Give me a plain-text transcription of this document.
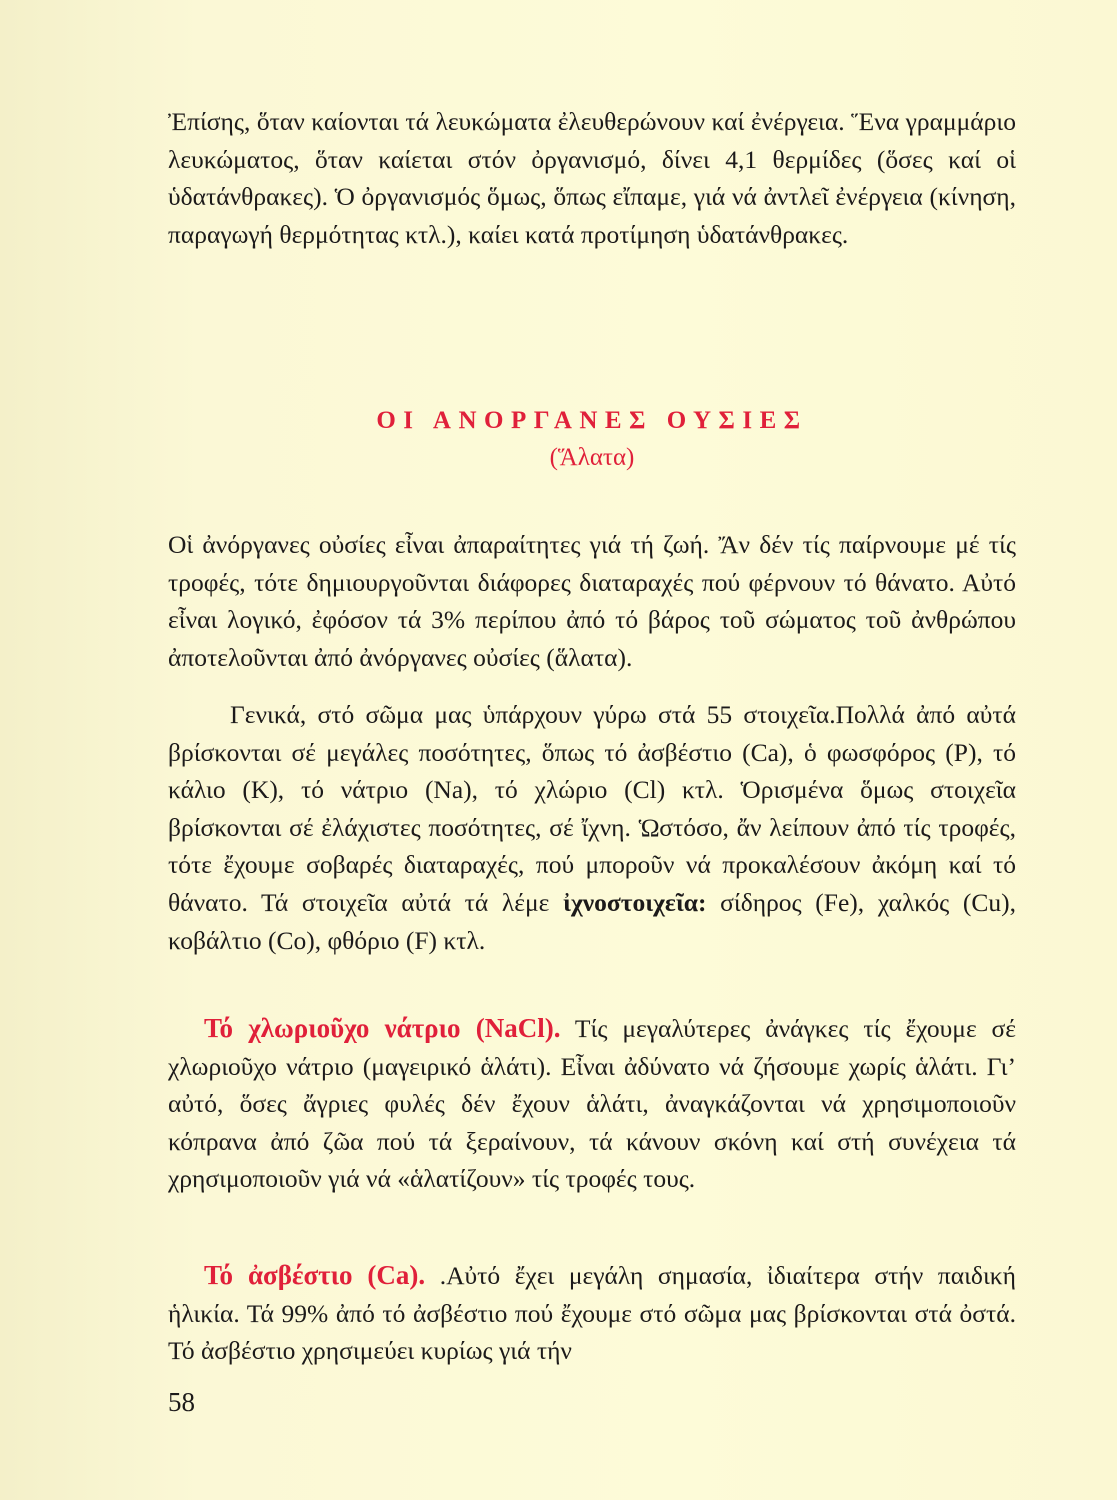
Ἐπίσης, ὅταν καίονται τά λευκώματα ἐλευθερώνουν καί ἐνέργεια. Ἕνα γραμμάριο λευκώματος, ὅταν καίεται στόν ὀργανισμό, δίνει 4,1 θερμίδες (ὅσες καί οἱ ὑδατάνθρακες). Ὁ ὀργανισμός ὅμως, ὅπως εἴπαμε, γιά νά ἀντλεῖ ἐνέργεια (κίνηση, παραγωγή θερμότητας κτλ.), καίει κατά προτίμηση ὑδατάνθρακες.

ΟΙ ΑΝΟΡΓΑΝΕΣ ΟΥΣΙΕΣ
(Ἅλατα)

Οἱ ἀνόργανες οὐσίες εἶναι ἀπαραίτητες γιά τή ζωή. Ἄν δέν τίς παίρνουμε μέ τίς τροφές, τότε δημιουργοῦνται διάφορες διαταραχές πού φέρνουν τό θάνατο. Αὐτό εἶναι λογικό, ἐφόσον τά 3% περίπου ἀπό τό βάρος τοῦ σώματος τοῦ ἀνθρώπου ἀποτελοῦνται ἀπό ἀνόργανες οὐσίες (ἅλατα).

Γενικά, στό σῶμα μας ὑπάρχουν γύρω στά 55 στοιχεῖα.Πολλά ἀπό αὐτά βρίσκονται σέ μεγάλες ποσότητες, ὅπως τό ἀσβέστιο (Ca), ὁ φωσφόρος (P), τό κάλιο (K), τό νάτριο (Na), τό χλώριο (Cl) κτλ. Ὁρισμένα ὅμως στοιχεῖα βρίσκονται σέ ἐλάχιστες ποσότητες, σέ ἴχνη. Ὡστόσο, ἄν λείπουν ἀπό τίς τροφές, τότε ἔχουμε σοβαρές διαταραχές, πού μποροῦν νά προκαλέσουν ἀκόμη καί τό θάνατο. Τά στοιχεῖα αὐτά τά λέμε ἰχνοστοιχεῖα: σίδηρος (Fe), χαλκός (Cu), κοβάλτιο (Co), φθόριο (F) κτλ.

Τό χλωριοῦχο νάτριο (NaCl). Τίς μεγαλύτερες ἀνάγκες τίς ἔχουμε σέ χλωριοῦχο νάτριο (μαγειρικό ἁλάτι). Εἶναι ἀδύνατο νά ζήσουμε χωρίς ἁλάτι. Γι’ αὐτό, ὅσες ἄγριες φυλές δέν ἔχουν ἁλάτι, ἀναγκάζονται νά χρησιμοποιοῦν κόπρανα ἀπό ζῶα πού τά ξεραίνουν, τά κάνουν σκόνη καί στή συνέχεια τά χρησιμοποιοῦν γιά νά «ἁλατίζουν» τίς τροφές τους.

Τό ἀσβέστιο (Ca). .Αὐτό ἔχει μεγάλη σημασία, ἰδιαίτερα στήν παιδική ἡλικία. Τά 99% ἀπό τό ἀσβέστιο πού ἔχουμε στό σῶμα μας βρίσκονται στά ὀστά. Τό ἀσβέστιο χρησιμεύει κυρίως γιά τήν

58
